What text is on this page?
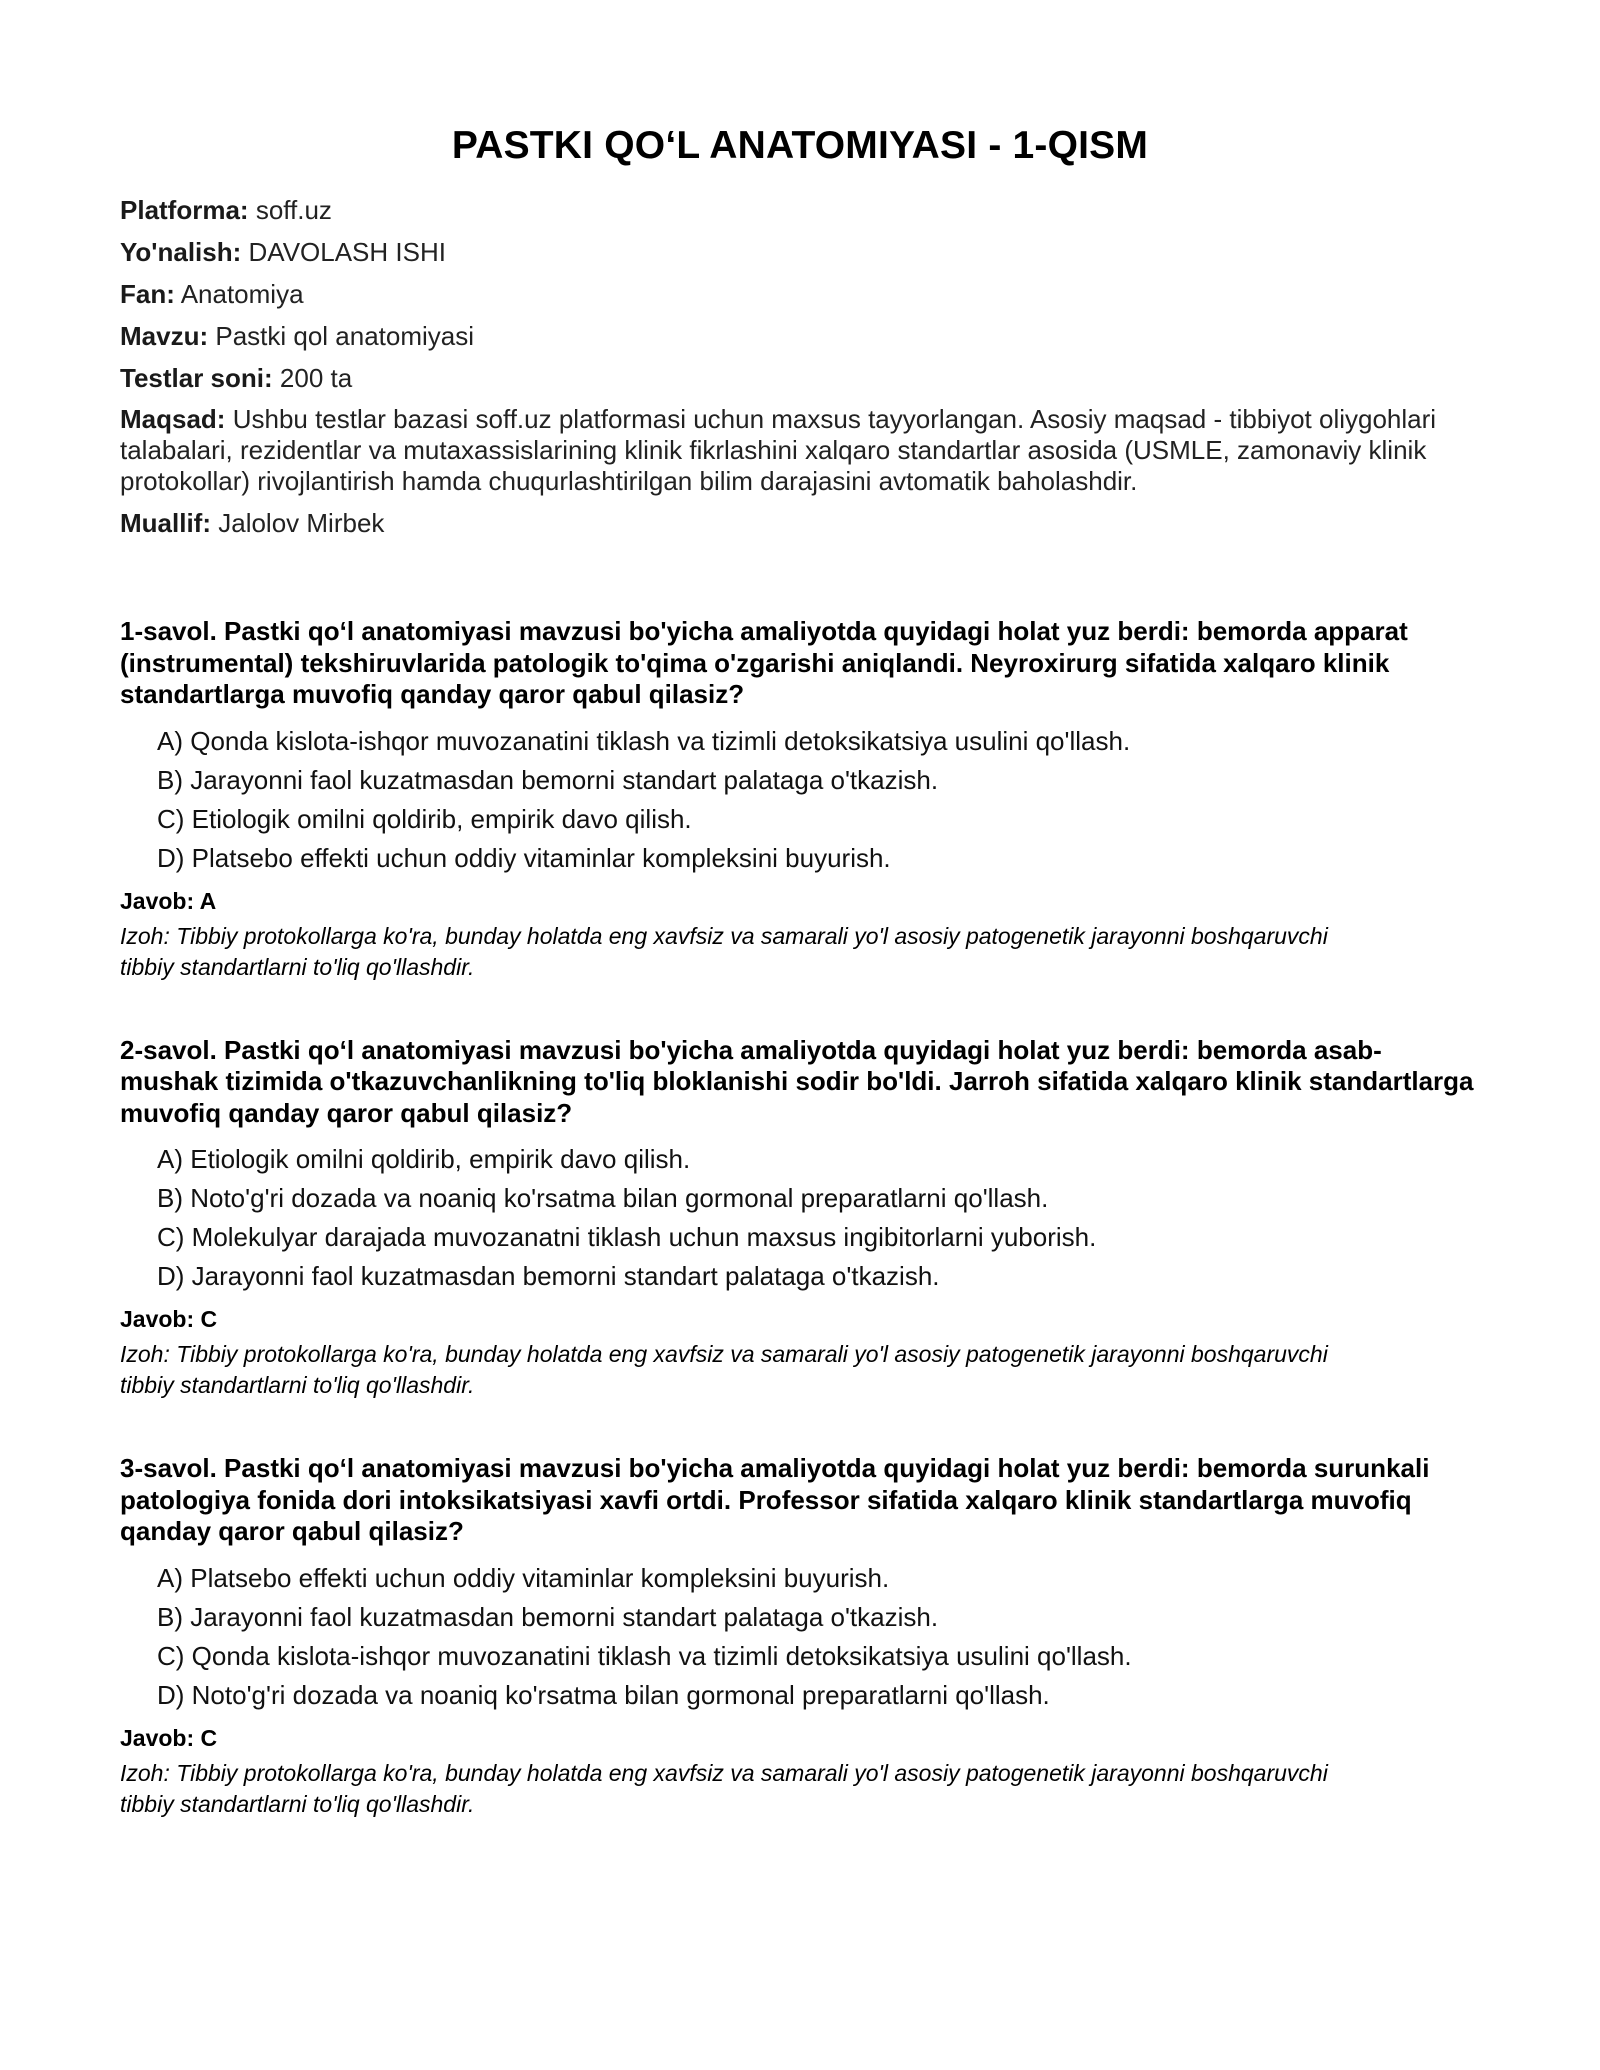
PASTKI QO‘L ANATOMIYASI - 1-QISM
Platforma: soff.uz
Yo'nalish: DAVOLASH ISHI
Fan: Anatomiya
Mavzu: Pastki qol anatomiyasi
Testlar soni: 200 ta
Maqsad: Ushbu testlar bazasi soff.uz platformasi uchun maxsus tayyorlangan. Asosiy maqsad - tibbiyot oliygohlari talabalari, rezidentlar va mutaxassislarining klinik fikrlashini xalqaro standartlar asosida (USMLE, zamonaviy klinik protokollar) rivojlantirish hamda chuqurlashtirilgan bilim darajasini avtomatik baholashdir.
Muallif: Jalolov Mirbek
1-savol. Pastki qo‘l anatomiyasi mavzusi bo'yicha amaliyotda quyidagi holat yuz berdi: bemorda apparat (instrumental) tekshiruvlarida patologik to'qima o'zgarishi aniqlandi. Neyroxirurg sifatida xalqaro klinik standartlarga muvofiq qanday qaror qabul qilasiz?
A) Qonda kislota-ishqor muvozanatini tiklash va tizimli detoksikatsiya usulini qo'llash.
B) Jarayonni faol kuzatmasdan bemorni standart palataga o'tkazish.
C) Etiologik omilni qoldirib, empirik davo qilish.
D) Platsebo effekti uchun oddiy vitaminlar kompleksini buyurish.
Javob: A
Izoh: Tibbiy protokollarga ko'ra, bunday holatda eng xavfsiz va samarali yo'l asosiy patogenetik jarayonni boshqaruvchi tibbiy standartlarni to'liq qo'llashdir.
2-savol. Pastki qo‘l anatomiyasi mavzusi bo'yicha amaliyotda quyidagi holat yuz berdi: bemorda asab-mushak tizimida o'tkazuvchanlikning to'liq bloklanishi sodir bo'ldi. Jarroh sifatida xalqaro klinik standartlarga muvofiq qanday qaror qabul qilasiz?
A) Etiologik omilni qoldirib, empirik davo qilish.
B) Noto'g'ri dozada va noaniq ko'rsatma bilan gormonal preparatlarni qo'llash.
C) Molekulyar darajada muvozanatni tiklash uchun maxsus ingibitorlarni yuborish.
D) Jarayonni faol kuzatmasdan bemorni standart palataga o'tkazish.
Javob: C
Izoh: Tibbiy protokollarga ko'ra, bunday holatda eng xavfsiz va samarali yo'l asosiy patogenetik jarayonni boshqaruvchi tibbiy standartlarni to'liq qo'llashdir.
3-savol. Pastki qo‘l anatomiyasi mavzusi bo'yicha amaliyotda quyidagi holat yuz berdi: bemorda surunkali patologiya fonida dori intoksikatsiyasi xavfi ortdi. Professor sifatida xalqaro klinik standartlarga muvofiq qanday qaror qabul qilasiz?
A) Platsebo effekti uchun oddiy vitaminlar kompleksini buyurish.
B) Jarayonni faol kuzatmasdan bemorni standart palataga o'tkazish.
C) Qonda kislota-ishqor muvozanatini tiklash va tizimli detoksikatsiya usulini qo'llash.
D) Noto'g'ri dozada va noaniq ko'rsatma bilan gormonal preparatlarni qo'llash.
Javob: C
Izoh: Tibbiy protokollarga ko'ra, bunday holatda eng xavfsiz va samarali yo'l asosiy patogenetik jarayonni boshqaruvchi tibbiy standartlarni to'liq qo'llashdir.
